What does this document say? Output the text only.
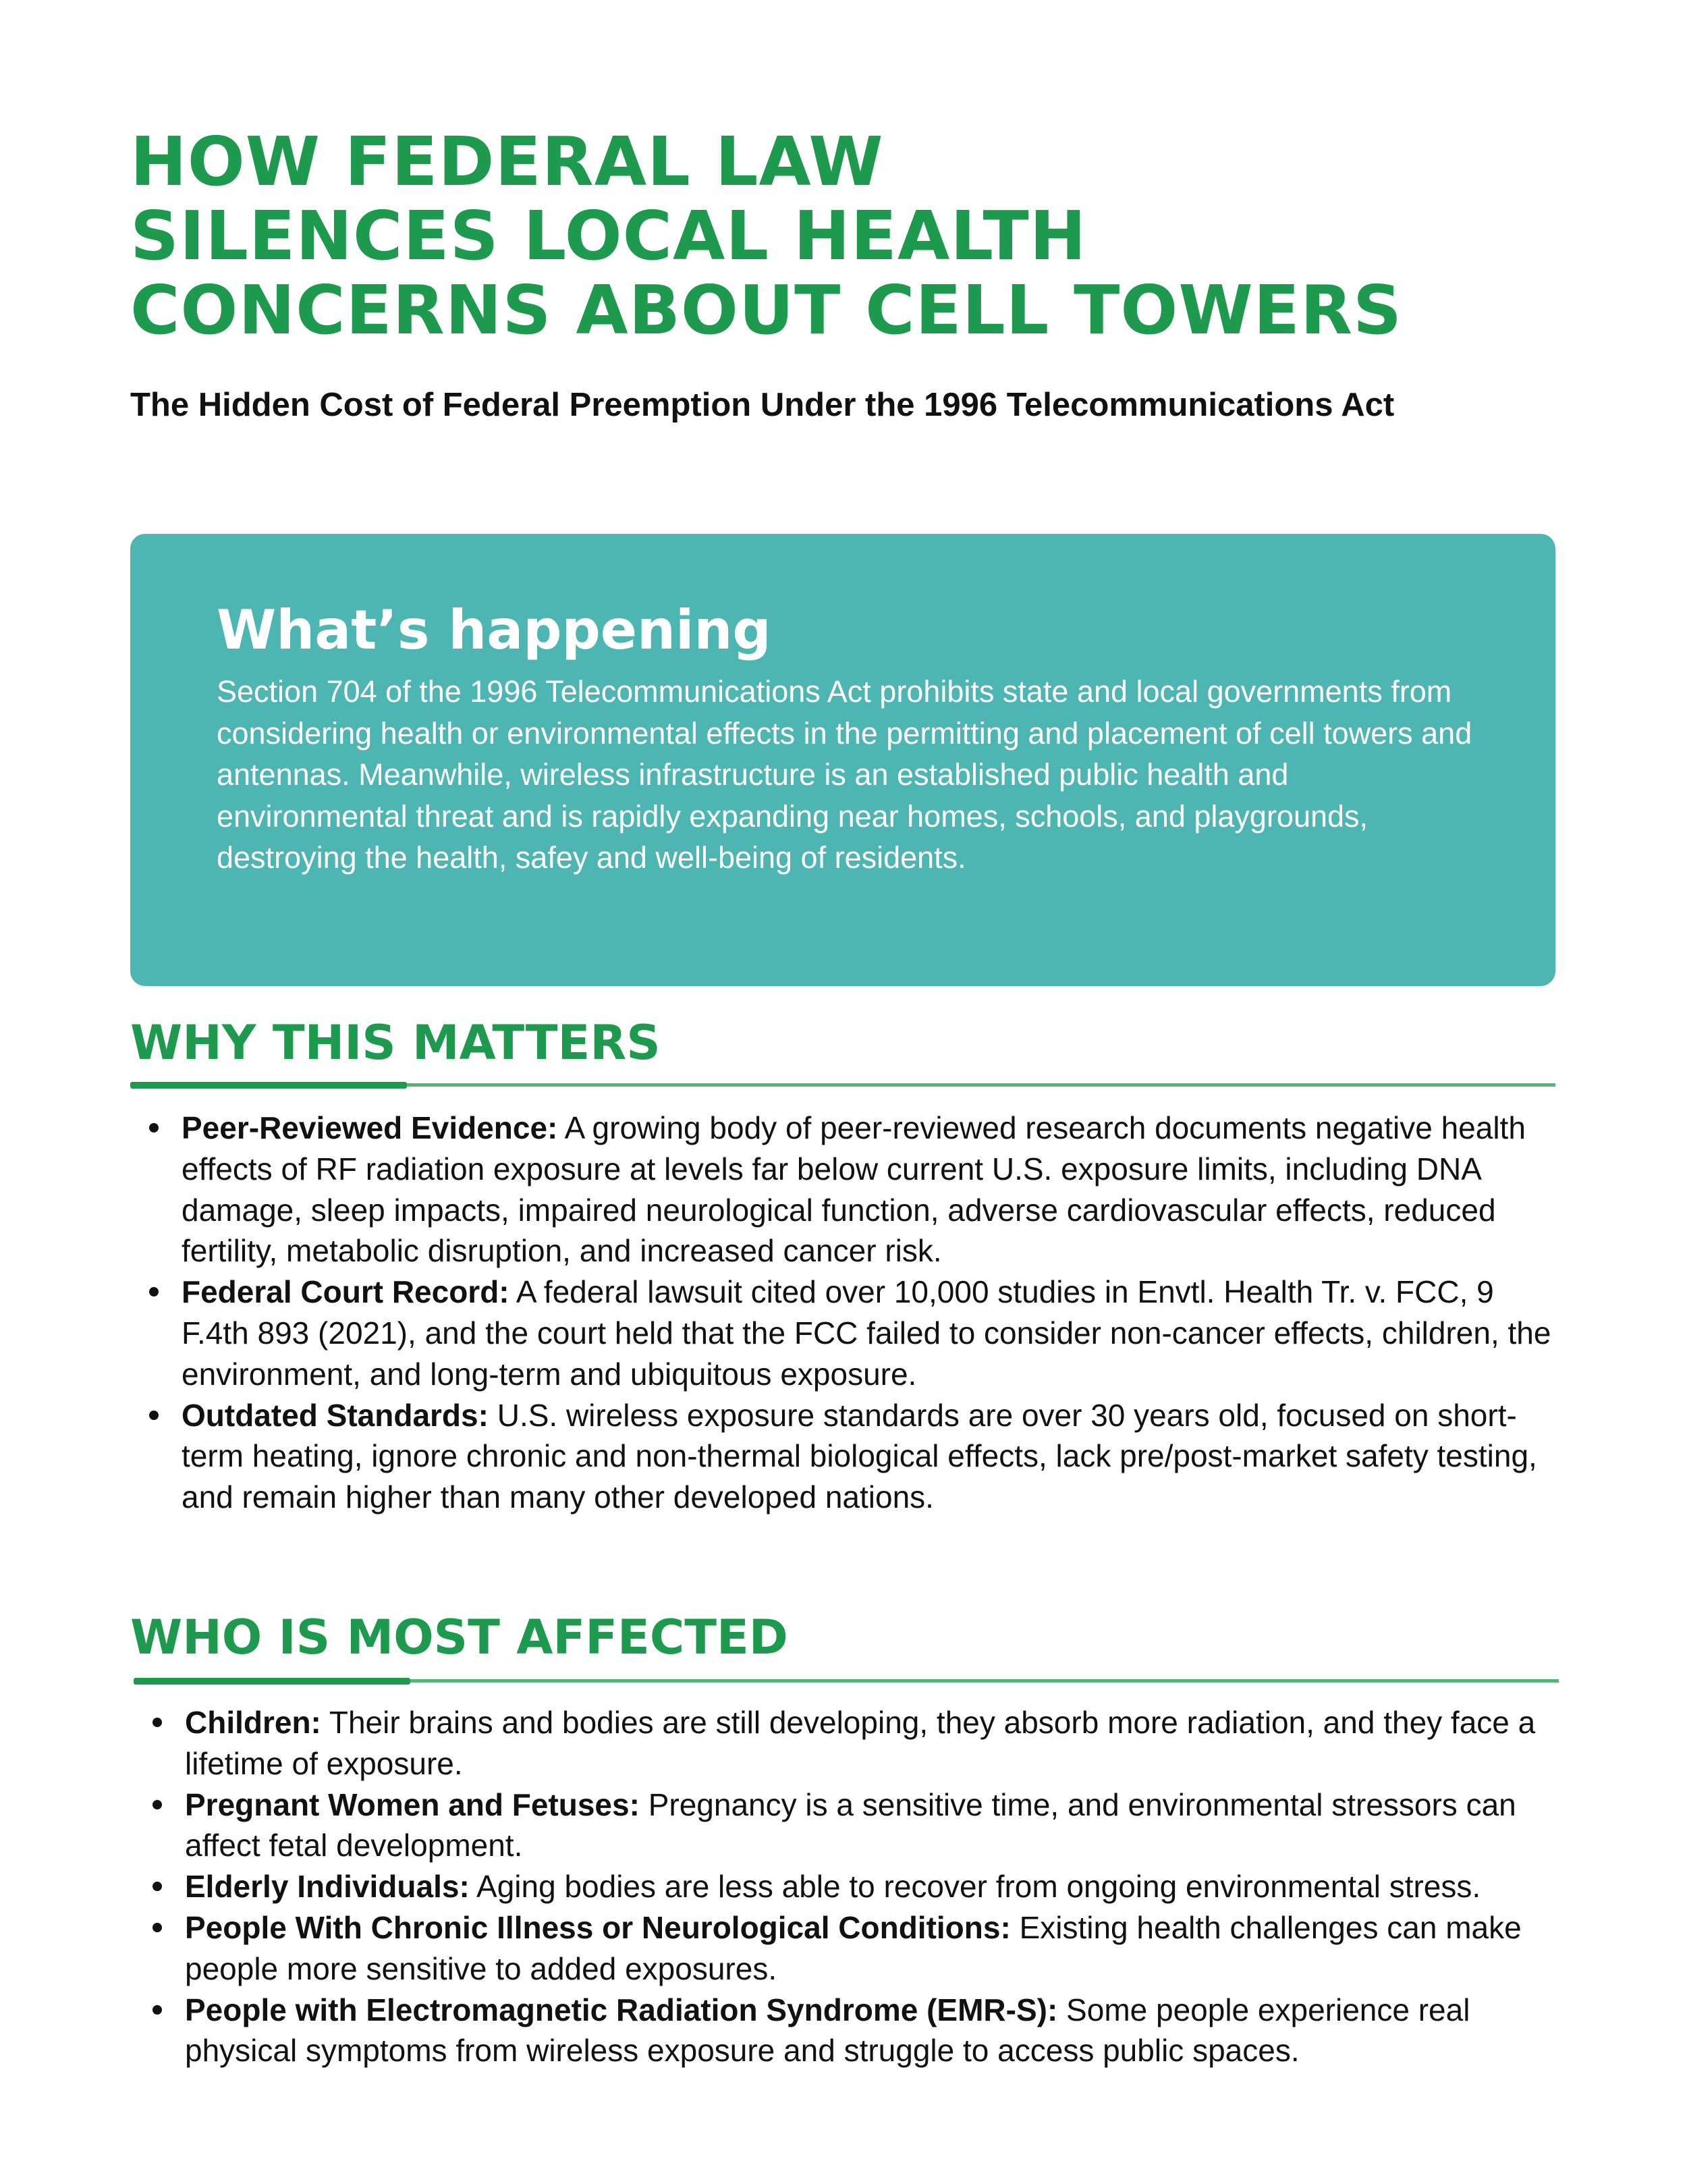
HOW FEDERAL LAW
SILENCES LOCAL HEALTH
CONCERNS ABOUT CELL TOWERS

The Hidden Cost of Federal Preemption Under the 1996 Telecommunications Act

What’s happening

Section 704 of the 1996 Telecommunications Act prohibits state and local governments from considering health or environmental effects in the permitting and placement of cell towers and antennas. Meanwhile, wireless infrastructure is an established public health and environmental threat and is rapidly expanding near homes, schools, and playgrounds, destroying the health, safey and well-being of residents.

WHY THIS MATTERS
Peer-Reviewed Evidence: A growing body of peer-reviewed research documents negative health effects of RF radiation exposure at levels far below current U.S. exposure limits, including DNA damage, sleep impacts, impaired neurological function, adverse cardiovascular effects, reduced fertility, metabolic disruption, and increased cancer risk.
Federal Court Record: A federal lawsuit cited over 10,000 studies in Envtl. Health Tr. v. FCC, 9 F.4th 893 (2021), and the court held that the FCC failed to consider non-cancer effects, children, the environment, and long-term and ubiquitous exposure.
Outdated Standards: U.S. wireless exposure standards are over 30 years old, focused on short-term heating, ignore chronic and non-thermal biological effects, lack pre/post-market safety testing, and remain higher than many other developed nations.
WHO IS MOST AFFECTED
Children: Their brains and bodies are still developing, they absorb more radiation, and they face a lifetime of exposure.
Pregnant Women and Fetuses: Pregnancy is a sensitive time, and environmental stressors can affect fetal development.
Elderly Individuals: Aging bodies are less able to recover from ongoing environmental stress.
People With Chronic Illness or Neurological Conditions: Existing health challenges can make people more sensitive to added exposures.
People with Electromagnetic Radiation Syndrome (EMR-S): Some people experience real physical symptoms from wireless exposure and struggle to access public spaces.
